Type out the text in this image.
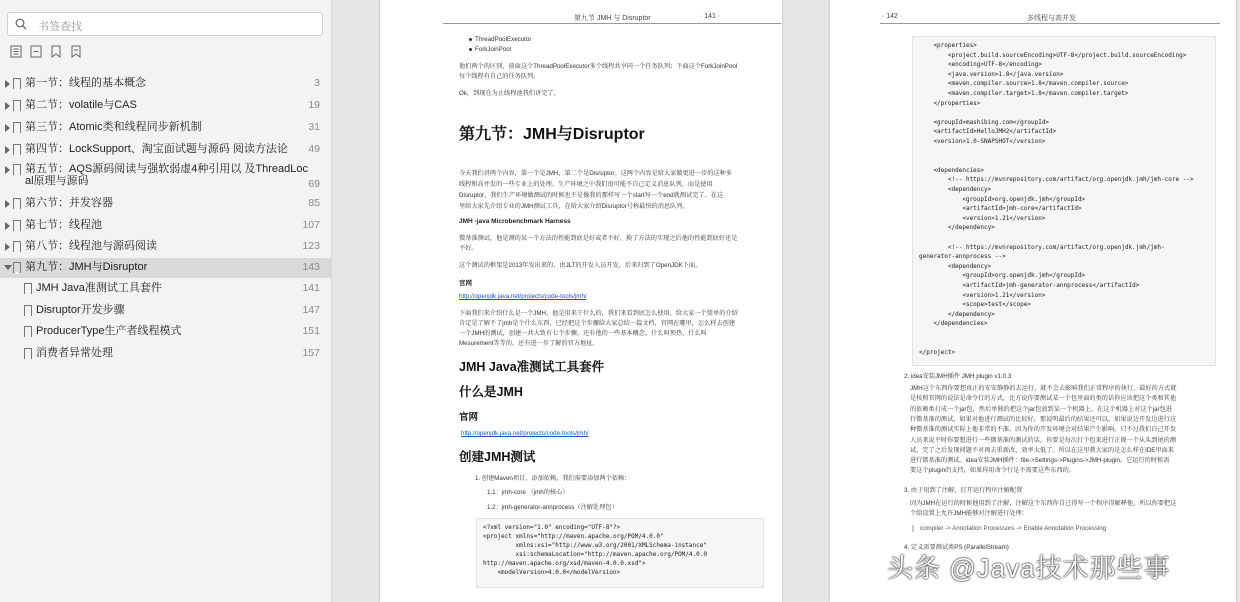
书签查找
第一节：线程的基本概念	3
第二节：volatile与CAS	19
第三节：Atomic类和线程同步新机制	31
第四节：LockSupport、淘宝面试题与源码 阅读方法论 49
第五节：AQS源码阅读与强软弱虚4种引用以 及ThreadLoc
al原理与源码	69
第六节：并发容器	85
第七节：线程池	107
第八节：线程池与源码阅读	123
第九节：JMH与Disruptor	143
JMH Java准测试工具套件	141
Disruptor开发步骤	147
ProducerType生产者线程模式	151
消费者异常处理	157
第九节 JMH 与 Disruptor	· 141 ·
ThreadPoolExecutor
ForkJoinPool
他们两个的区别，前面这个ThreadPoolExecutor多个线程共享同一个任务队列；下面这个ForkJoinPool
每个线程有自己的任务队列。
Ok，到现在为止线程池我们讲完了。
第九节：JMH与Disruptor
今天我们讲两个内容，第一个是JMH，第二个是Disruptor。这两个内容是给大家做更进一步的这种多
线程和高并发的一些专业上的处理。生产环境之中我们很可能不自己定义消息队列，而是使用
Disruptor，我们生产环境做测试的时候也不是像我的那样写一个start写一个end就测试完了。在这
里给大家先介绍专业的JMH测试工具，在给大家介绍Disruptor号称最快的消息队列。
JMH -java Microbenchmark Harness
微基准测试，他是测的某一个方法的性能到底是好或者不好，换了方法的实现之后他的性能到底好还是
不好。
这个测试的框架是2013年发出来的，由JLT的开发人员开发，后来归到了OpenJDK下面。
官网
http://openjdk.java.net/projects/code-tools/jmh/
下面我们来介绍什么是一个JMH，他是用来干什么的，我们来看到底怎么使用，给大家一个简单的介绍
肯定是了解不了jmh是个什么东西，已经把这个步骤给大家总结一篇文档，官网在哪里，怎么样去创建
一个JMH的测试，创建一共大致有七个步骤，还有他的一些基本概念，什么叫预热，什么叫
Mesurement等等的，还有进一步了解的官方地址。
JMH Java准测试工具套件
什么是JMH
官网
http://openjdk.java.net/projects/code-tools/jmh/
创建JMH测试
1. 创建Maven项目，添加依赖，我们需要添加两个依赖：
1.1：jmh-core （jmh的核心）
1.2：jmh-generator-annprocess（注解处理包）
<?xml version="1.0" encoding="UTF-8"?>
<project xmlns="http://maven.apache.org/POM/4.0.0"
xmlns:xsi="http://www.w3.org/2001/XMLSchema-instance"
xsi:schemaLocation="http://maven.apache.org/POM/4.0.0
http://maven.apache.org/xsd/maven-4.0.0.xsd">
<modelVersion>4.0.0</modelVersion>
· 142 ·	多线程与高并发
<properties>
<project.build.sourceEncoding>UTF-8</project.build.sourceEncoding>
<encoding>UTF-8</encoding>
<java.version>1.8</java.version>
<maven.compiler.source>1.8</maven.compiler.source>
<maven.compiler.target>1.8</maven.compiler.target>
</properties>
<groupId>mashibing.com</groupId>
<artifactId>HelloJMH2</artifactId>
<version>1.0-SNAPSHOT</version>
<dependencies>
<!-- https://mvnrepository.com/artifact/org.openjdk.jmh/jmh-core -->
<dependency>
<groupId>org.openjdk.jmh</groupId>
<artifactId>jmh-core</artifactId>
<version>1.21</version>
</dependency>
<!-- https://mvnrepository.com/artifact/org.openjdk.jmh/jmh-
generator-annprocess -->
<dependency>
<groupId>org.openjdk.jmh</groupId>
<artifactId>jmh-generator-annprocess</artifactId>
<version>1.21</version>
<scope>test</scope>
</dependency>
</dependencies>
</project>
2. idea安装JMH插件 JMH plugin v1.0.3
JMH这个东西你要想真正的安安静静的去运行，就不会去影响我们正常程序的执行，最好的方式就
是按照官网的说法是命令行的方式，比方说你要测试某一个包里面的类的话你应该把这个类和其他
的依赖类打成一个jar包，然后单独的把这个jar包放到某一个机器上，在这个机器上对这个jar包进
行微基准的测试，如果对他进行测试的比较好，那说明最后的结果还可以，如果说边开发边进行这
种微基准的测试实际上他非常的不准，因为你的开发环境会对结果产生影响。只不过我们自己开发
人员来说平时你要想进行一些微基准的测试的话，你要是每次打个包来进行正规一个从头到尾的测
试，完了之后发现问题不对再去重新改，效率太低了。所以在这里教大家的是怎么样在IDE里面来
进行微基准的测试。idea安装JMH插件：file->Settings->Plugins->JMH-plugin。它运行的时候需
要这个plugin的支持，如果你用命令行是不需要这些东西的。
3. 由于用到了注解，打开运行程序注解配置
因为JMH在运行的时候他用到了注解，注解这个东西你自己得写一个程序得解释他，所以你要把这
个给设置上允许JMH能够对注解进行处理：
compiler -> Annotation Processors -> Enable Annotation Processing
4. 定义需要测试类PS (ParallelStream)
头条 @Java技术那些事
